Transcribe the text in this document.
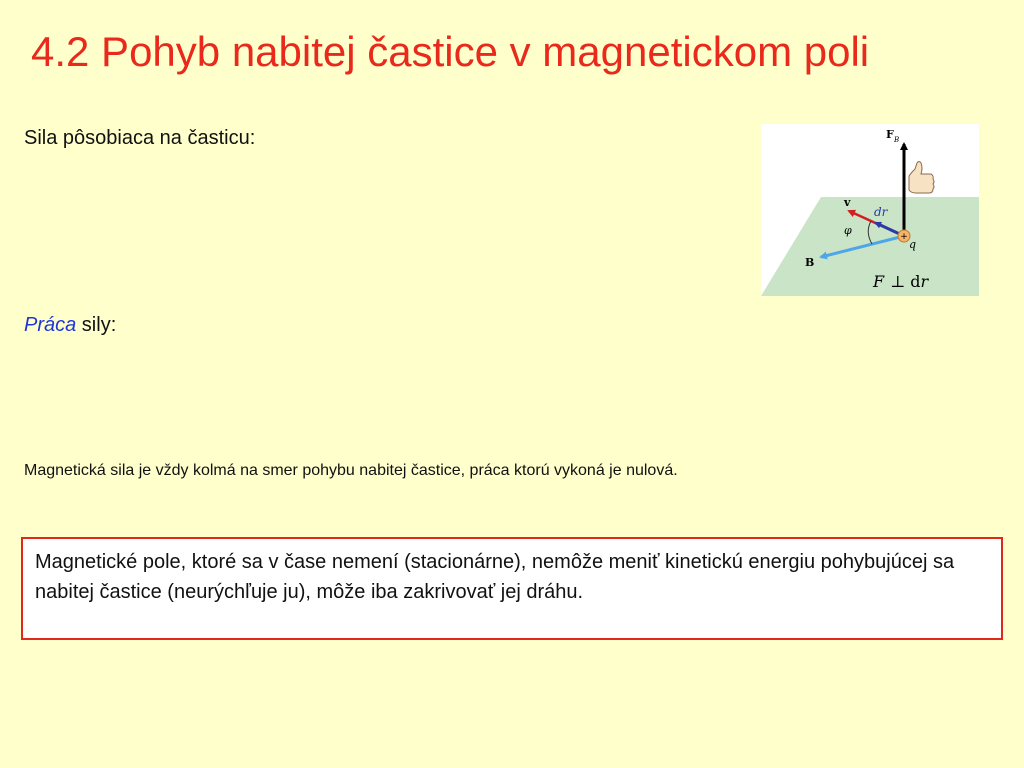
4.2 Pohyb nabitej častice v magnetickom poli
Sila pôsobiaca na časticu:
Práca sily:
Magnetická sila je vždy kolmá na smer pohybu nabitej častice, práca ktorú vykoná je nulová.
Magnetické pole, ktoré sa v čase nemení (stacionárne), nemôže meniť kinetickú energiu pohybujúcej sa nabitej častice (neurýchľuje ju), môže iba zakrivovať jej dráhu.
+
F B
v
dr
φ
q
B
F ⊥ dr
